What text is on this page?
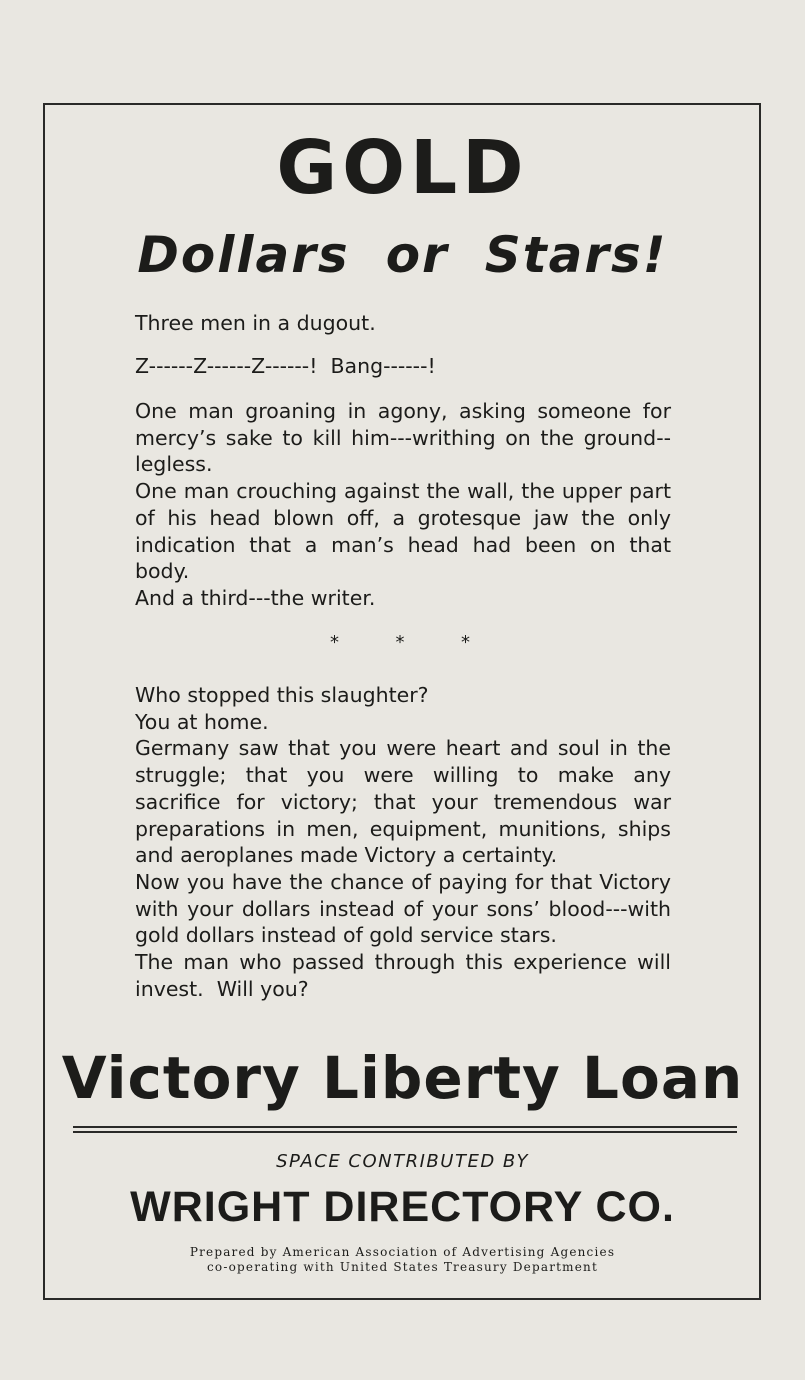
GOLD
Dollars or Stars!

Three men in a dugout.

Z------Z------Z------!  Bang------!

One man groaning in agony, asking someone for mercy’s sake to kill him---writhing on the ground--legless.

One man crouching against the wall, the upper part of his head blown off, a grotesque jaw the only indication that a man’s head had been on that body.

And a third---the writer.

*	*	*

Who stopped this slaughter?

You at home.

Germany saw that you were heart and soul in the struggle; that you were willing to make any sacrifice for victory; that your tremendous war preparations in men, equipment, munitions, ships and aeroplanes made Victory a certainty.

Now you have the chance of paying for that Victory with your dollars instead of your sons’ blood---with gold dollars instead of gold service stars.

The man who passed through this experience will invest.  Will you?

Victory Liberty Loan
SPACE CONTRIBUTED BY
WRIGHT DIRECTORY CO.
Prepared by American Association of Advertising Agencies
co-operating with United States Treasury Department
